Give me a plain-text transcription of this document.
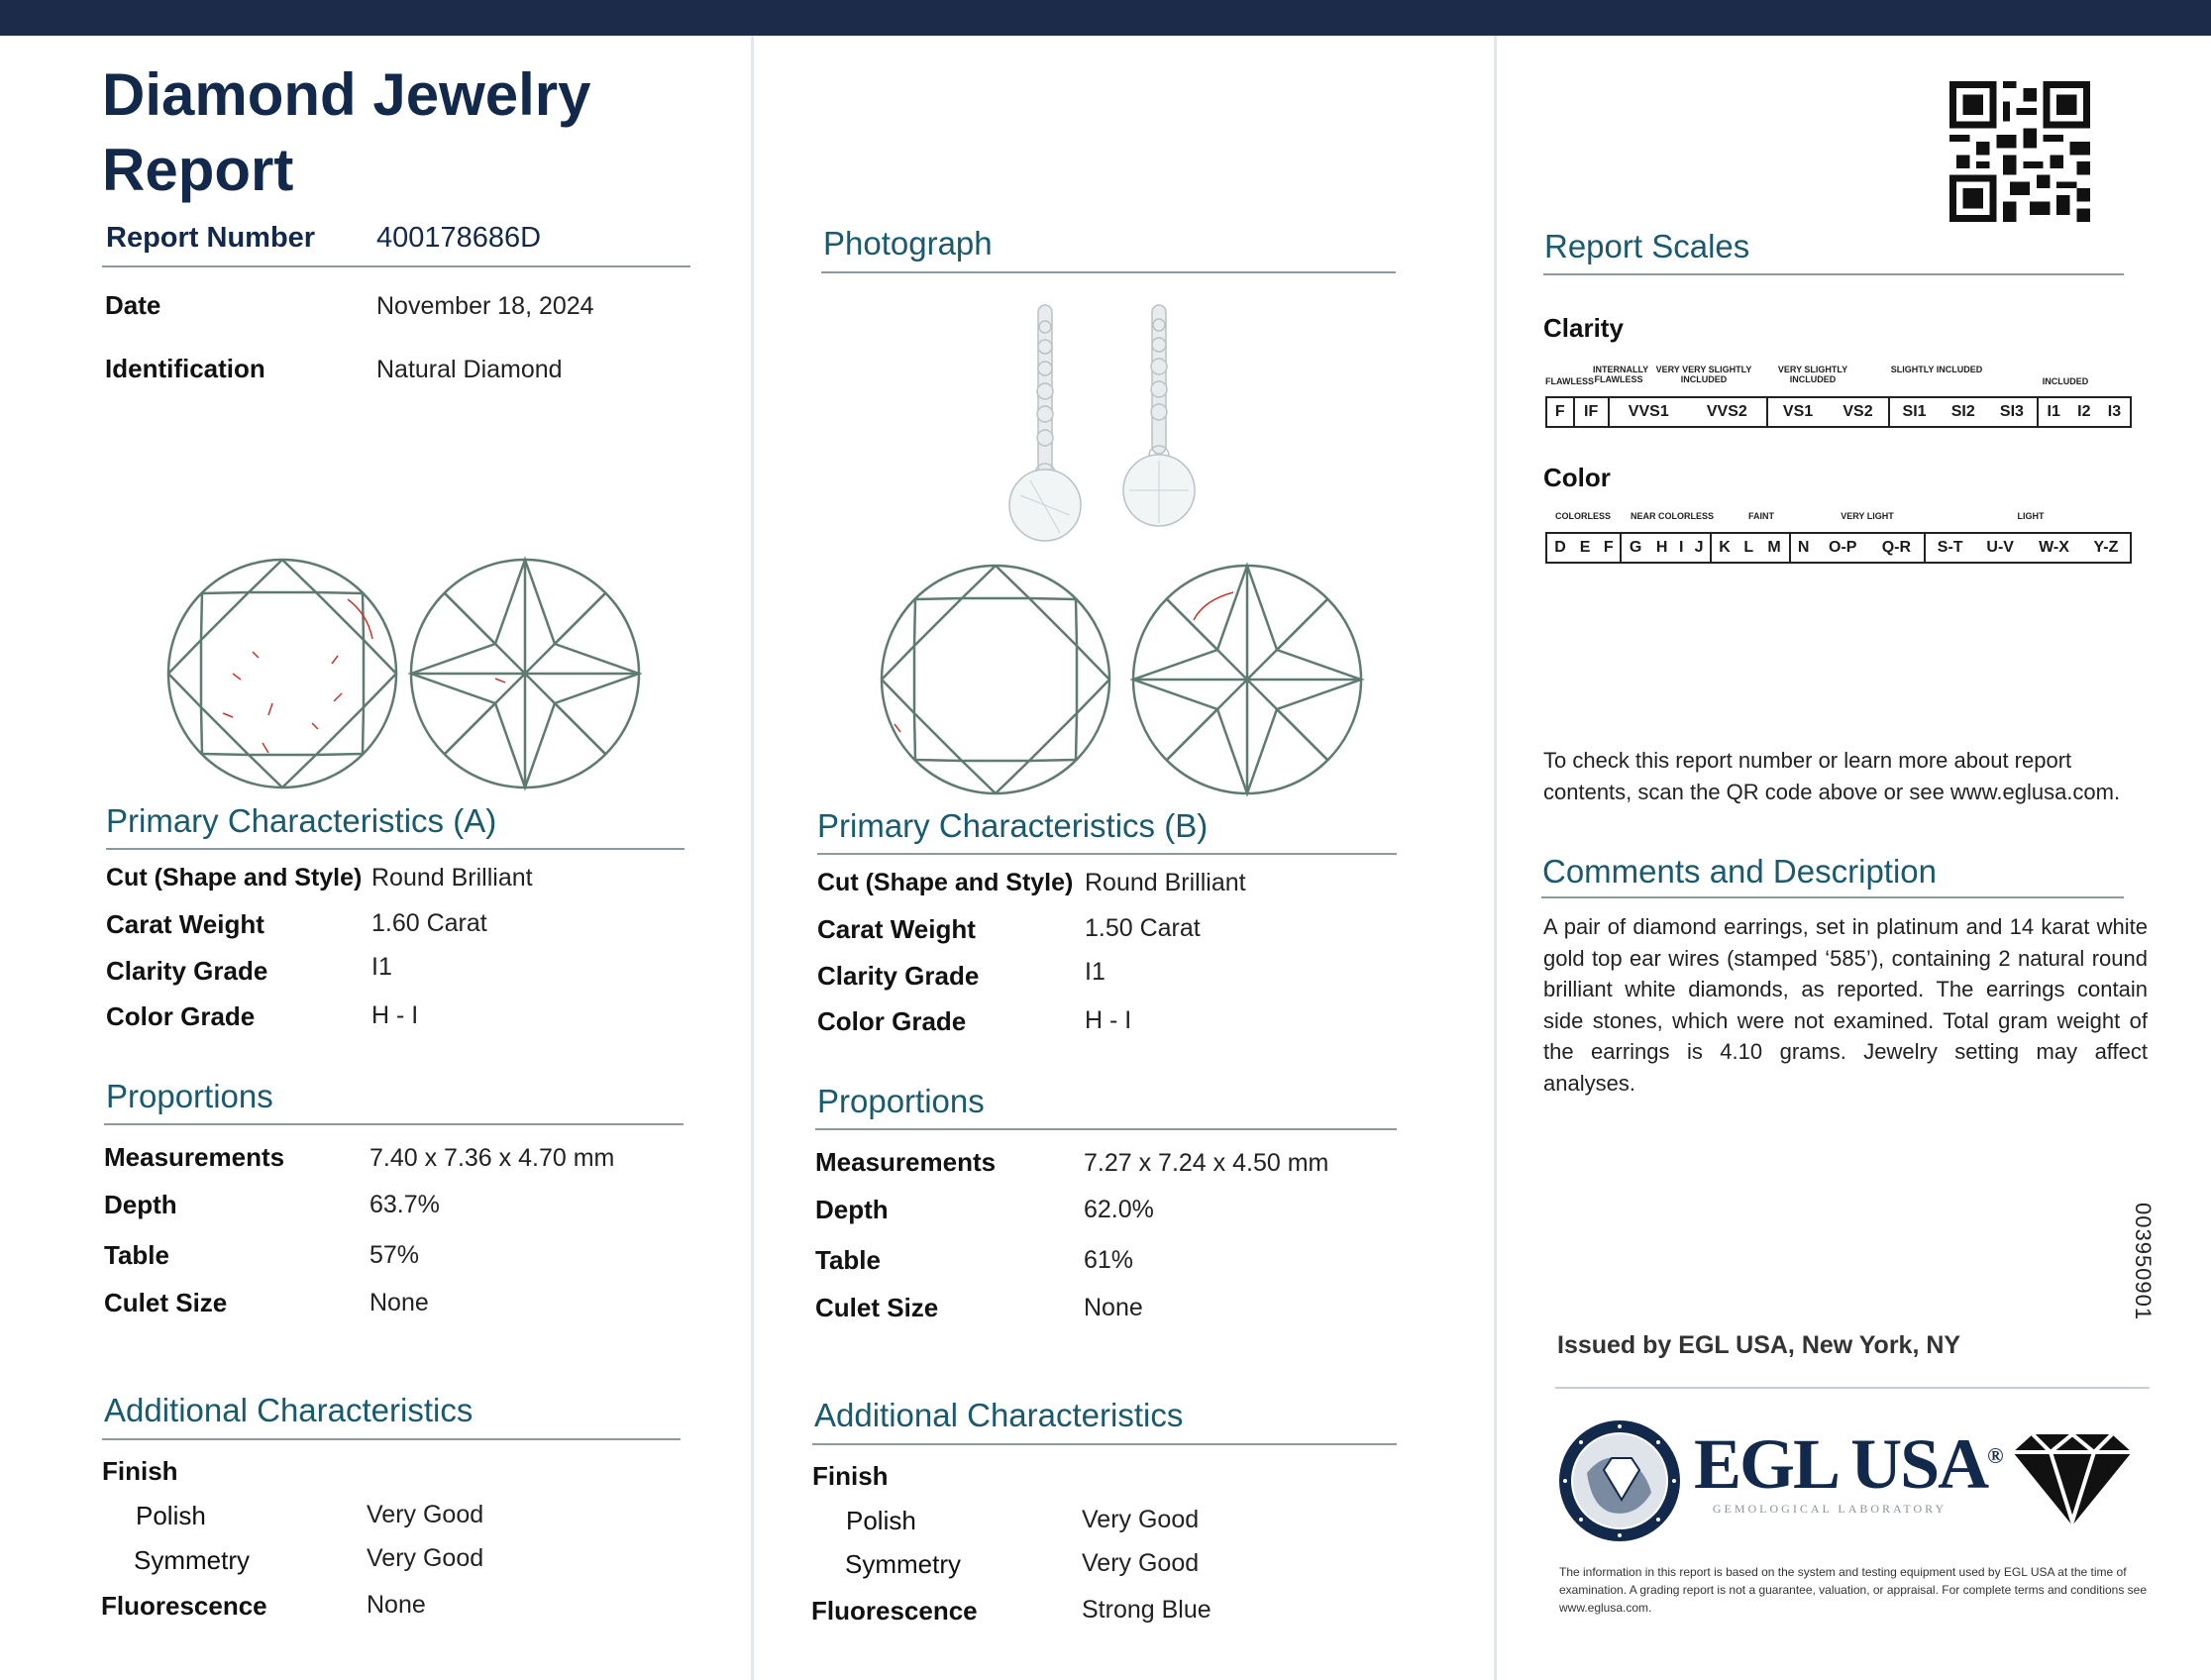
Diamond Jewelry
Report
Report Number 400178686D
Date	November 18, 2024
Identification	Natural Diamond
Primary Characteristics (A)
Cut (Shape and Style) Round Brilliant
Carat Weight	1.60 Carat
Clarity Grade	I1
Color Grade	H - I
Proportions
Measurements	7.40 x 7.36 x 4.70 mm
Depth	63.7%
Table	57%
Culet Size	None
Additional Characteristics
Finish
Polish	Very Good
Symmetry	Very Good
Fluorescence	None
Photograph
Primary Characteristics (B)
Cut (Shape and Style) Round Brilliant
Carat Weight	1.50 Carat
Clarity Grade	I1
Color Grade	H - I
Proportions
Measurements	7.27 x 7.24 x 4.50 mm
Depth	62.0%
Table	61%
Culet Size	None
Additional Characteristics
Finish
Polish	Very Good
Symmetry	Very Good
Fluorescence	Strong Blue
Report Scales
Clarity
FLAWLESS
INTERNALLY FLAWLESS
VERY VERY SLIGHTLY INCLUDED
VERY SLIGHTLY INCLUDED
SLIGHTLY INCLUDED
INCLUDED
F	IF	VVS1	VVS2	VS1	VS2	SI1	SI2	SI3	I1	I2	I3
Color
COLORLESS	NEAR COLORLESS	FAINT	VERY LIGHT	LIGHT
D	E	F	G	H	I	J	K	L	M	N	O-P	Q-R	S-T	U-V	W-X	Y-Z
To check this report number or learn more about report contents, scan the QR code above or see www.eglusa.com.
Comments and Description
A pair of diamond earrings, set in platinum and 14 karat white gold top ear wires (stamped ‘585’), containing 2 natural round brilliant white diamonds, as reported. The earrings contain side stones, which were not examined. Total gram weight of the earrings is 4.10 grams. Jewelry setting may affect analyses.
003950901
Issued by EGL USA, New York, NY
EGL USA®
GEMOLOGICAL LABORATORY
The information in this report is based on the system and testing equipment used by EGL USA at the time of examination. A grading report is not a guarantee, valuation, or appraisal. For complete terms and conditions see www.eglusa.com.
